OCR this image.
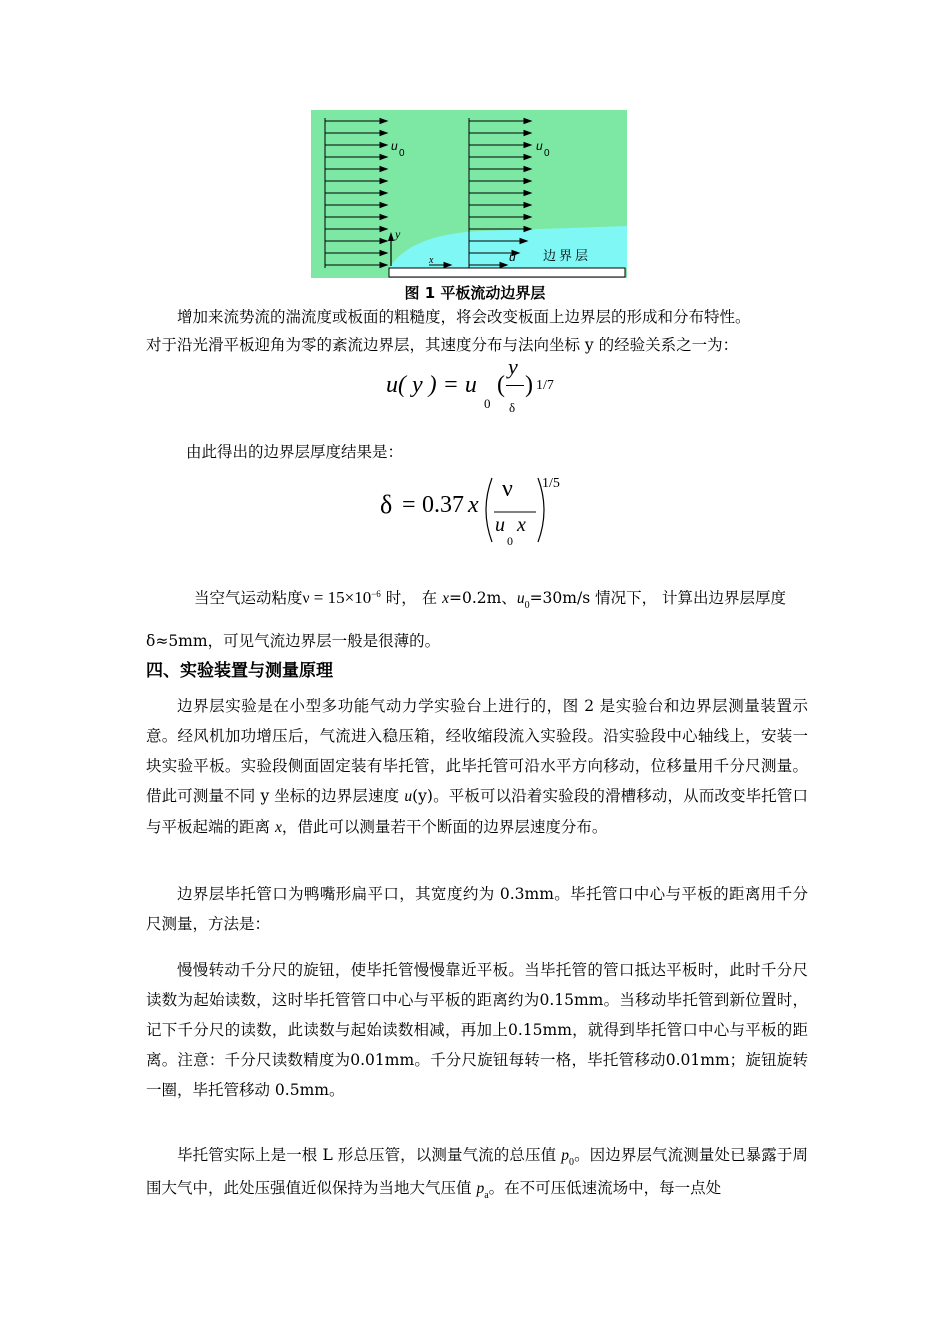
y
x
u
0
u
0
u 边界层
图 1 平板流动边界层
增加来流势流的湍流度或板面的粗糙度，将会改变板面上边界层的形成和分布特性。
对于沿光滑平板迎角为零的紊流边界层，其速度分布与法向坐标 y 的经验关系之一为：
u( y ) = u
0
(
y
δ
) 1/7
由此得出的边界层厚度结果是：
δ = 0.37 x
ν
u
0
x
1/5
当空气运动粘度$\nu = 15\times 10^{-6}$ 时， 在 x=0.2m、$u_0=30m/s$ 情况下， 计算出边界层厚度
δ≈5mm，可见气流边界层一般是很薄的。
四、实验装置与测量原理
边界层实验是在小型多功能气动力学实验台上进行的，图 2 是实验台和边界层测量装置示意。经风机加功增压后，气流进入稳压箱，经收缩段流入实验段。沿实验段中心轴线上，安装一块实验平板。实验段侧面固定装有毕托管，此毕托管可沿水平方向移动，位移量用千分尺测量。借此可测量不同 y 坐标的边界层速度 u(y)。平板可以沿着实验段的滑槽移动，从而改变毕托管口与平板起端的距离 x，借此可以测量若干个断面的边界层速度分布。
边界层毕托管口为鸭嘴形扁平口，其宽度约为 0.3mm。毕托管口中心与平板的距离用千分尺测量，方法是：
慢慢转动千分尺的旋钮，使毕托管慢慢靠近平板。当毕托管的管口抵达平板时，此时千分尺读数为起始读数，这时毕托管管口中心与平板的距离约为0.15mm。当移动毕托管到新位置时，记下千分尺的读数，此读数与起始读数相减，再加上0.15mm，就得到毕托管口中心与平板的距离。注意：千分尺读数精度为0.01mm。千分尺旋钮每转一格，毕托管移动0.01mm；旋钮旋转一圈，毕托管移动 0.5mm。
毕托管实际上是一根 L 形总压管，以测量气流的总压值 $p_0$。因边界层气流测量处已暴露于周围大气中，此处压强值近似保持为当地大气压值 $p_a$。在不可压低速流场中，每一点处
